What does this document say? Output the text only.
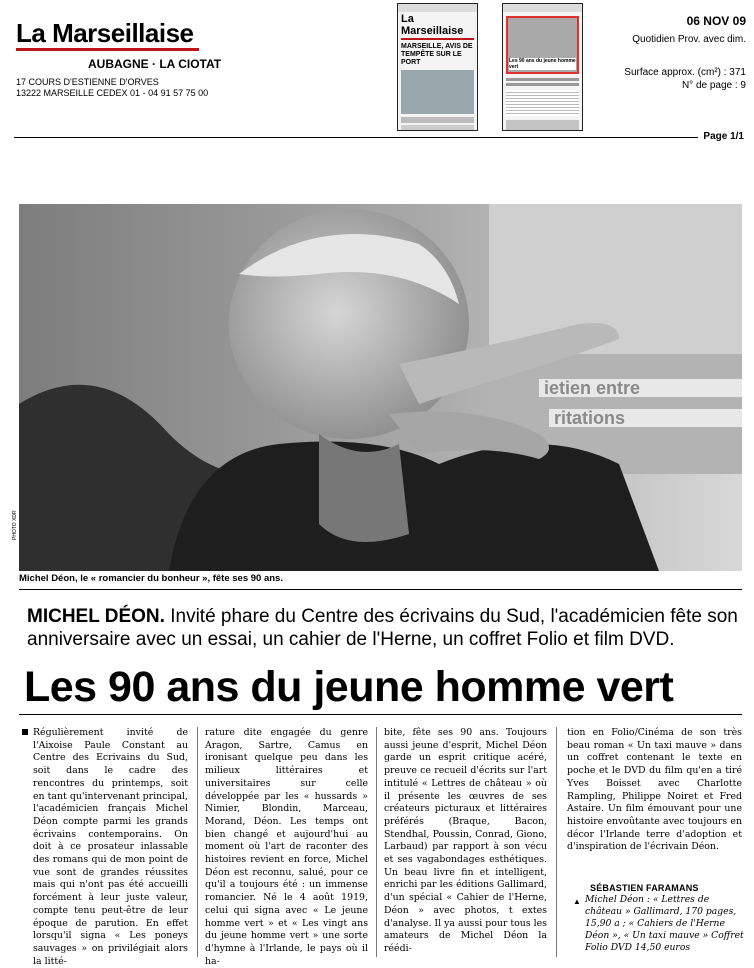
La Marseillaise
AUBAGNE · LA CIOTAT
17 COURS D'ESTIENNE D'ORVES
13222 MARSEILLE CEDEX 01 - 04 91 57 75 00
La Marseillaise
MARSEILLE, AVIS DE TEMPÊTE SUR LE PORT	Les 90 ans du jeune homme vert
06 NOV 09
Quotidien Prov. avec dim.
Surface approx. (cm²) : 371
N° de page : 9
Page 1/1
ietien entre
ritations
PHOTO XDR
Michel Déon, le « romancier du bonheur », fête ses 90 ans.
MICHEL DÉON. Invité phare du Centre des écrivains du Sud, l'académicien fête son anniversaire avec un essai, un cahier de l'Herne, un coffret Folio et film DVD.
Les 90 ans du jeune homme vert
Régulièrement invité de l'Aixoise Paule Constant au Centre des Ecrivains du Sud, soit dans le cadre des rencontres du printemps, soit en tant qu'intervenant principal, l'académicien français Michel Déon compte parmi les grands écrivains contemporains. On doit à ce prosateur inlassable des romans qui de mon point de vue sont de grandes réussites mais qui n'ont pas été accueilli forcément à leur juste valeur, compte tenu peut-être de leur époque de parution. En effet lorsqu'il signa « Les poneys sauvages » on privilégiait alors la litté-
rature dite engagée du genre Aragon, Sartre, Camus en ironisant quelque peu dans les milieux littéraires et universitaires sur celle développée par les « hussards » Nimier, Blondin, Marceau, Morand, Déon. Les temps ont bien changé et aujourd'hui au moment où l'art de raconter des histoires revient en force, Michel Déon est reconnu, salué, pour ce qu'il a toujours été : un immense romancier. Né le 4 août 1919, celui qui signa avec « Le jeune homme vert » et « Les vingt ans du jeune homme vert » une sorte d'hymne à l'Irlande, le pays où il ha-
bite, fête ses 90 ans. Toujours aussi jeune d'esprit, Michel Déon garde un esprit critique acéré, preuve ce recueil d'écrits sur l'art intitulé « Lettres de château » où il présente les œuvres de ses créateurs picturaux et littéraires préférés (Braque, Bacon, Stendhal, Poussin, Conrad, Giono, Larbaud) par rapport à son vécu et ses vagabondages esthétiques. Un beau livre fin et intelligent, enrichi par les éditions Gallimard, d'un spécial « Cahier de l'Herne, Déon » avec photos, t extes d'analyse. Il ya aussi pour tous les amateurs de Michel Déon la réédi-
tion en Folio/Cinéma de son très beau roman « Un taxi mauve » dans un coffret contenant le texte en poche et le DVD du film qu'en a tiré Yves Boisset avec Charlotte Rampling, Philippe Noiret et Fred Astaire. Un film émouvant pour une histoire envoûtante avec toujours en décor l'Irlande terre d'adoption et d'inspiration de l'écrivain Déon.
SÉBASTIEN FARAMANS
▲ Michel Déon : « Lettres de château » Gallimard, 170 pages, 15,90 a ; « Cahiers de l'Herne Déon », « Un taxi mauve » Coffret Folio DVD 14,50 euros
